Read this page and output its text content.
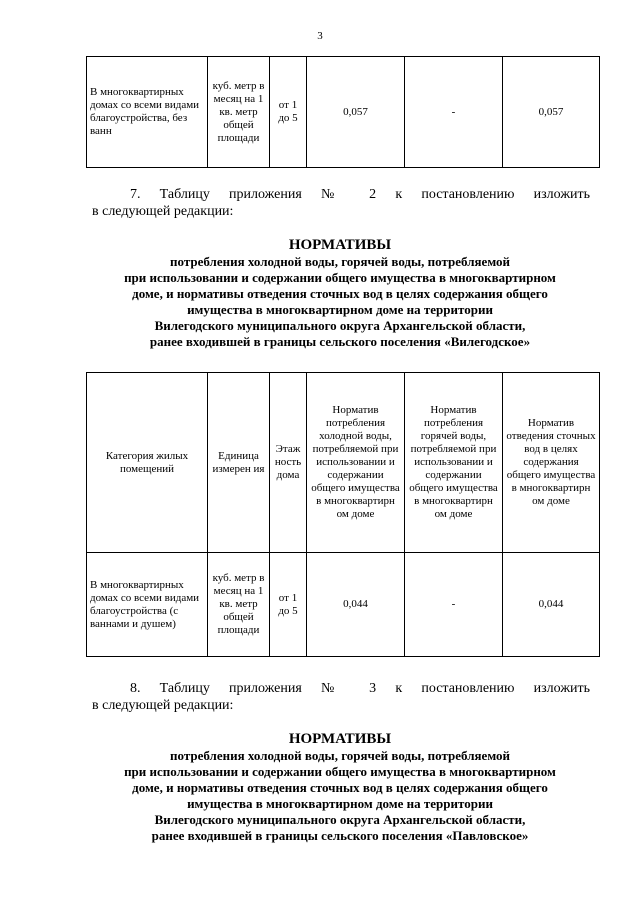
3
В многоквартирных домах со всеми видами благоустройства, без ванн	куб. метр в месяц на 1 кв. метр общей площади	от 1 до 5	0,057	-	0,057
7. Таблицу приложения № 2 к постановлению изложить
в следующей редакции:
НОРМАТИВЫ
потребления холодной воды, горячей воды, потребляемой
при использовании и содержании общего имущества в многоквартирном
доме, и нормативы отведения сточных вод в целях содержания общего
имущества в многоквартирном доме на территории
Вилегодского муниципального округа Архангельской области,
ранее входившей в границы сельского поселения «Вилегодское»
Категория жилых помещений	Единица измерен ия	Этаж ность дома	Норматив потребления холодной воды, потребляемой при использовании и содержании общего имущества в многоквартирн ом доме	Норматив потребления горячей воды, потребляемой при использовании и содержании общего имущества в многоквартирн ом доме	Норматив отведения сточных вод в целях содержания общего имущества в многоквартирн ом доме
В многоквартирных домах со всеми видами благоустройства (с ваннами и душем)	куб. метр в месяц на 1 кв. метр общей площади	от 1 до 5	0,044	-	0,044
8. Таблицу приложения № 3 к постановлению изложить
в следующей редакции:
НОРМАТИВЫ
потребления холодной воды, горячей воды, потребляемой
при использовании и содержании общего имущества в многоквартирном
доме, и нормативы отведения сточных вод в целях содержания общего
имущества в многоквартирном доме на территории
Вилегодского муниципального округа Архангельской области,
ранее входившей в границы сельского поселения «Павловское»
